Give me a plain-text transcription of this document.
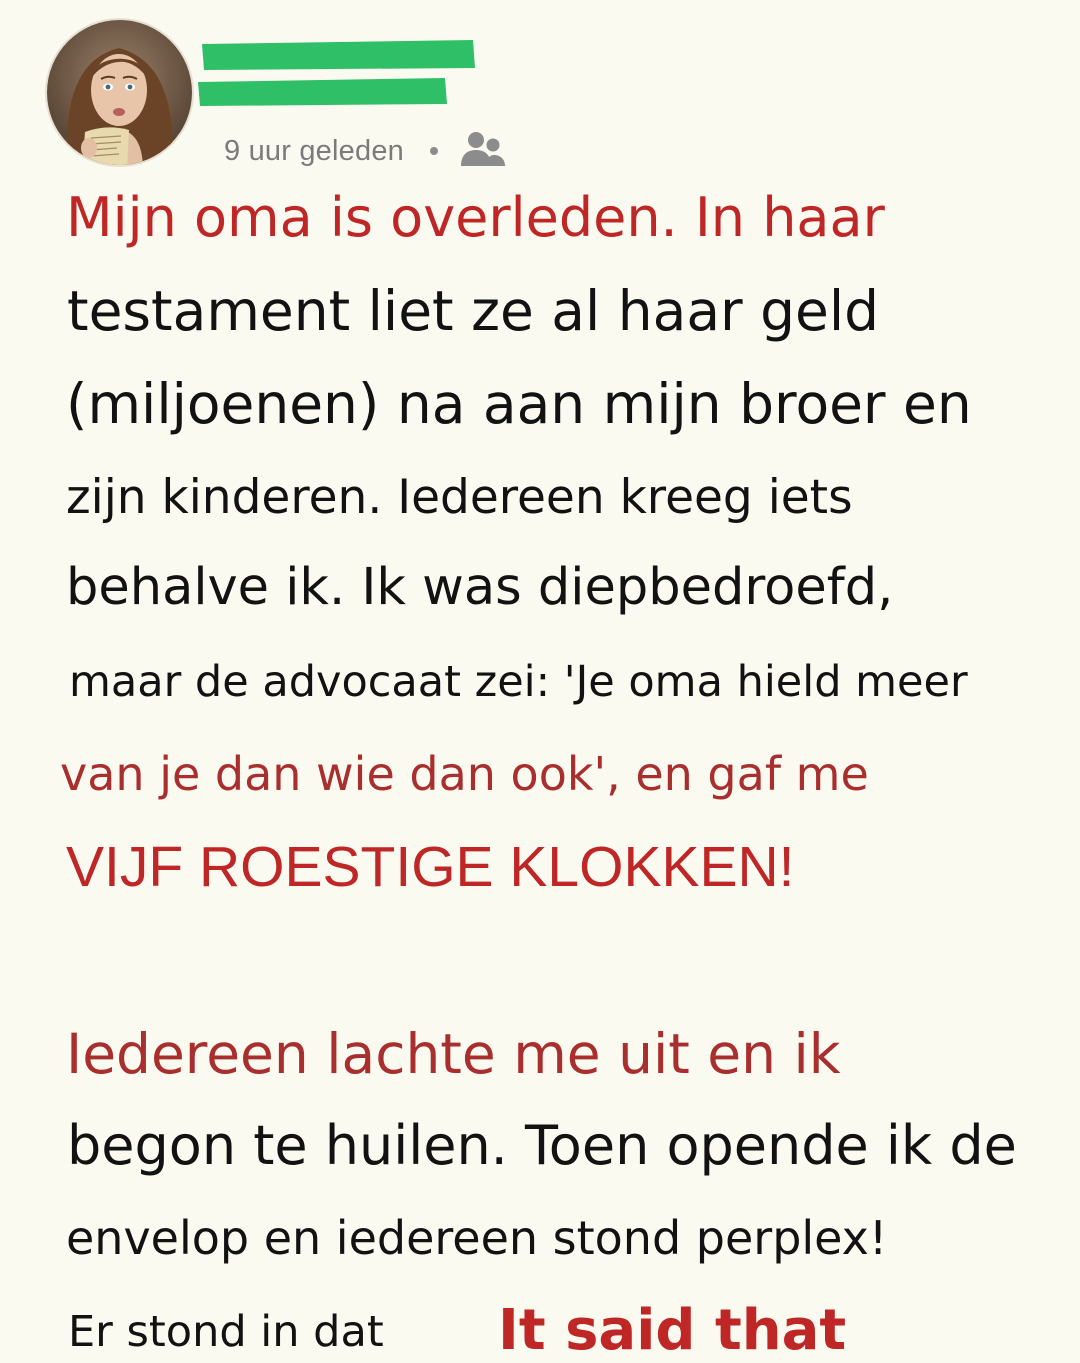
9 uur geleden
Mijn oma is overleden. In haar
testament liet ze al haar geld
(miljoenen) na aan mijn broer en
zijn kinderen. Iedereen kreeg iets
behalve ik. Ik was diepbedroefd,
maar de advocaat zei: 'Je oma hield meer
van je dan wie dan ook', en gaf me
VIJF ROESTIGE KLOKKEN!
Iedereen lachte me uit en ik
begon te huilen. Toen opende ik de
envelop en iedereen stond perplex!
Er stond in dat It said that
